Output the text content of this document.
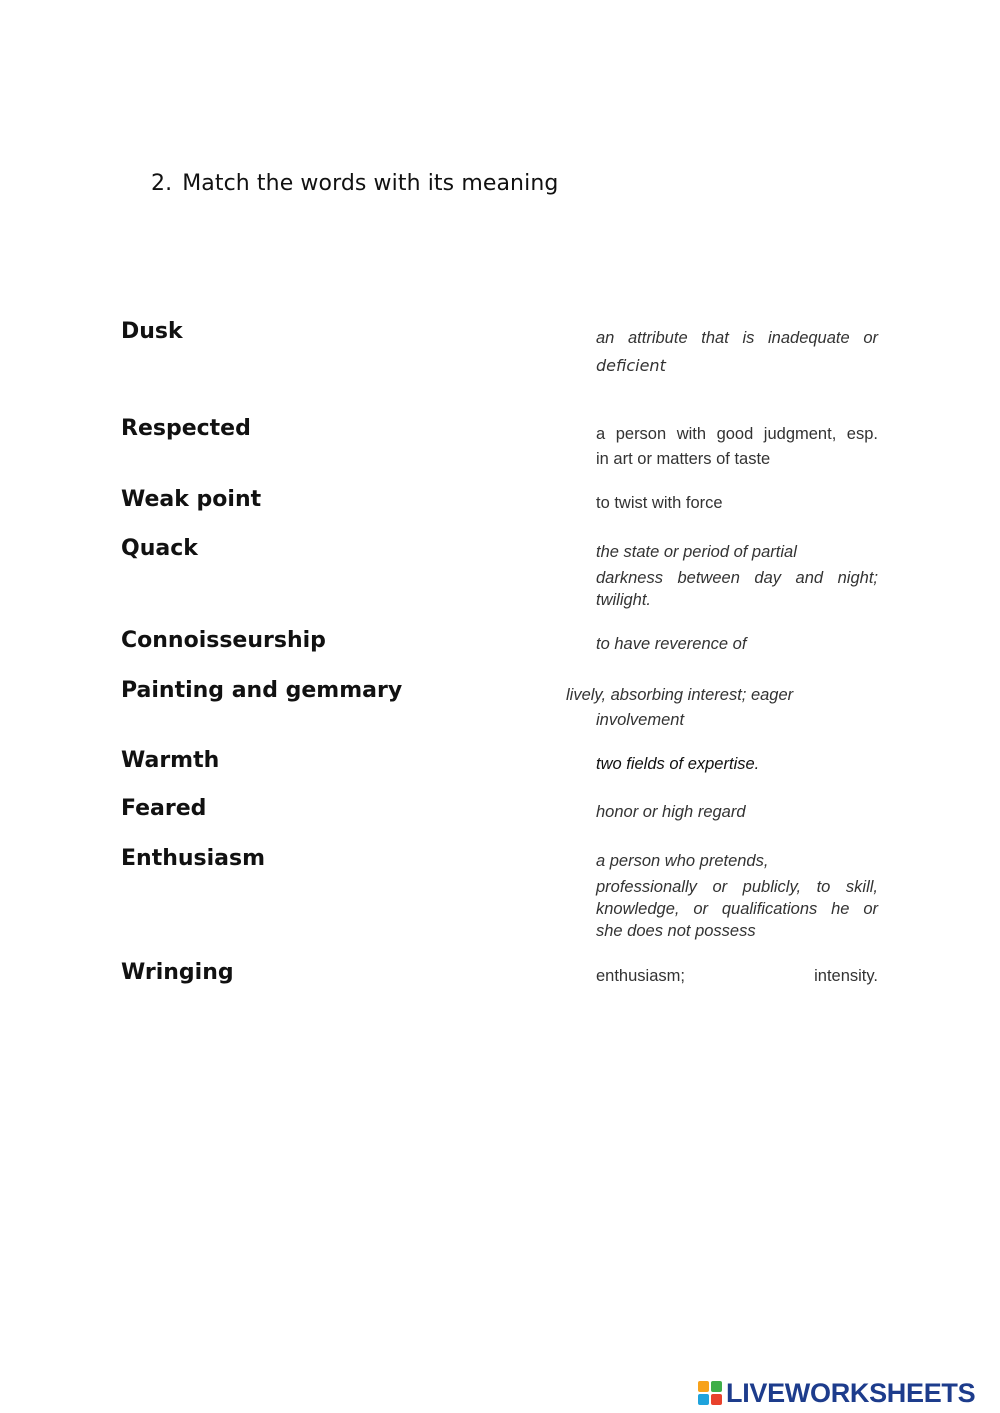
2. Match the words with its meaning
Dusk
Respected
Weak point
Quack
Connoisseurship
Painting and gemmary
Warmth
Feared
Enthusiasm
Wringing
an attribute that is inadequate or
deficient
a person with good judgment, esp.
in art or matters of taste
to twist with force
the state or period of partial
darkness between day and night;
twilight.
to have reverence of
lively, absorbing interest; eager
involvement
two fields of expertise.
honor or high regard
a person who pretends,
professionally or publicly, to skill,
knowledge, or qualifications he or
she does not possess
enthusiasm;	intensity.
LIVEWORKSHEETS
